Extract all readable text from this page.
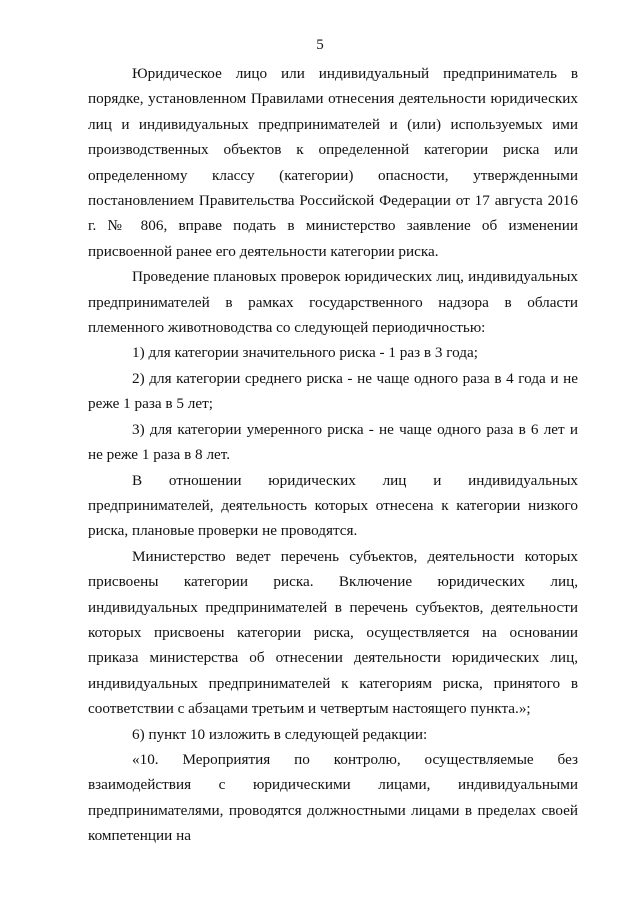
5

Юридическое лицо или индивидуальный предприниматель в порядке, установленном Правилами отнесения деятельности юридических лиц и индивидуальных предпринимателей и (или) используемых ими производственных объектов к определенной категории риска или определенному классу (категории) опасности, утвержденными постановлением Правительства Российской Федерации от 17 августа 2016 г. № 806, вправе подать в министерство заявление об изменении присвоенной ранее его деятельности категории риска.

Проведение плановых проверок юридических лиц, индивидуальных предпринимателей в рамках государственного надзора в области племенного животноводства со следующей периодичностью:

1) для категории значительного риска - 1 раз в 3 года;

2) для категории среднего риска - не чаще одного раза в 4 года и не реже 1 раза в 5 лет;

3) для категории умеренного риска - не чаще одного раза в 6 лет и не реже 1 раза в 8 лет.

В отношении юридических лиц и индивидуальных предпринимателей, деятельность которых отнесена к категории низкого риска, плановые проверки не проводятся.

Министерство ведет перечень субъектов, деятельности которых присвоены категории риска. Включение юридических лиц, индивидуальных предпринимателей в перечень субъектов, деятельности которых присвоены категории риска, осуществляется на основании приказа министерства об отнесении деятельности юридических лиц, индивидуальных предпринимателей к категориям риска, принятого в соответствии с абзацами третьим и четвертым настоящего пункта.»;

6) пункт 10 изложить в следующей редакции:

«10. Мероприятия по контролю, осуществляемые без взаимодействия с юридическими лицами, индивидуальными предпринимателями, проводятся должностными лицами в пределах своей компетенции на
